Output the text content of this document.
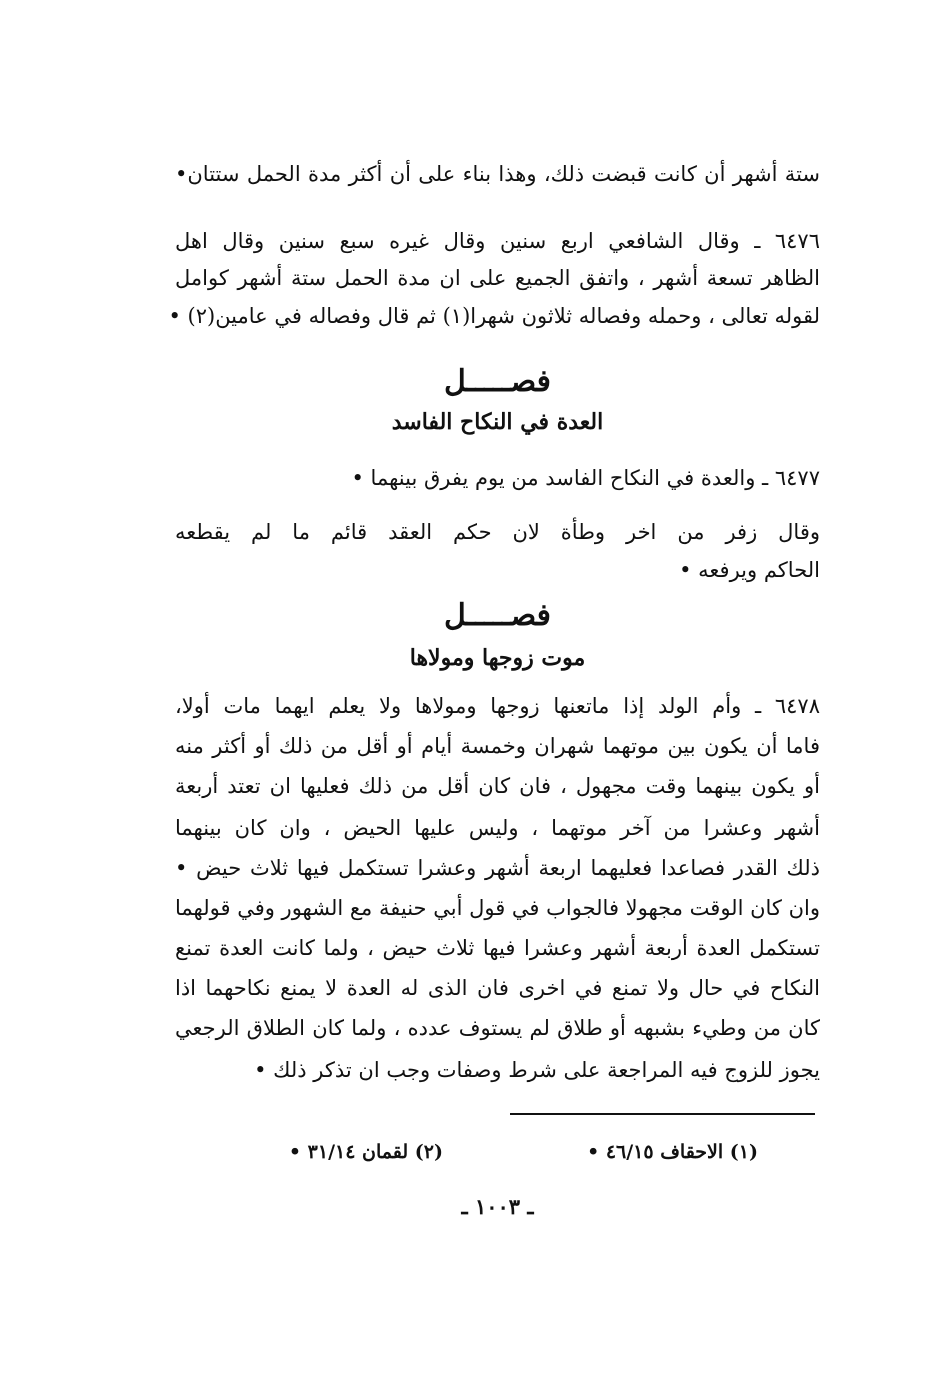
ستة أشهر أن كانت قبضت ذلك، وهذا بناء على أن أكثر مدة الحمل ستتان•
٦٤٧٦ ـ وقال الشافعي اربع سنين وقال غيره سبع سنين وقال اهل
الظاهر تسعة أشهر ، واتفق الجميع على ان مدة الحمل ستة أشهر كوامل
لقوله تعالى ، وحمله وفصاله ثلاثون شهرا(١) ثم قال وفصاله في عامين(٢) •
فصـــــل
العدة في النكاح الفاسد
٦٤٧٧ ـ والعدة في النكاح الفاسد من يوم يفرق بينهما •
وقال زفر من اخر وطأة لان حكم العقد قائم ما لم يقطعه
الحاكم ويرفعه •
فصـــــل
موت زوجها ومولاها
٦٤٧٨ ـ وأم الولد إذا ماتعنها زوجها ومولاها ولا يعلم ايهما مات أولا،
فاما أن يكون بين موتهما شهران وخمسة أيام أو أقل من ذلك أو أكثر منه
أو يكون بينهما وقت مجهول ، فان كان أقل من ذلك فعليها ان تعتد أربعة
أشهر وعشرا من آخر موتهما ، وليس عليها الحيض ، وان كان بينهما
ذلك القدر فصاعدا فعليهما اربعة أشهر وعشرا تستكمل فيها ثلاث حيض •
وان كان الوقت مجهولا فالجواب في قول أبي حنيفة مع الشهور وفي قولهما
تستكمل العدة أربعة أشهر وعشرا فيها ثلاث حيض ، ولما كانت العدة تمنع
النكاح في حال ولا تمنع في اخرى فان الذى له العدة لا يمنع نكاحهما اذا
كان من وطيء بشبهه أو طلاق لم يستوف عدده ، ولما كان الطلاق الرجعي
يجوز للزوج فيه المراجعة على شرط وصفات وجب ان تذكر ذلك •
(١) الاحقاف ٤٦/١٥ •
(٢) لقمان ٣١/١٤ •
ـ ١٠٠٣ ـ
